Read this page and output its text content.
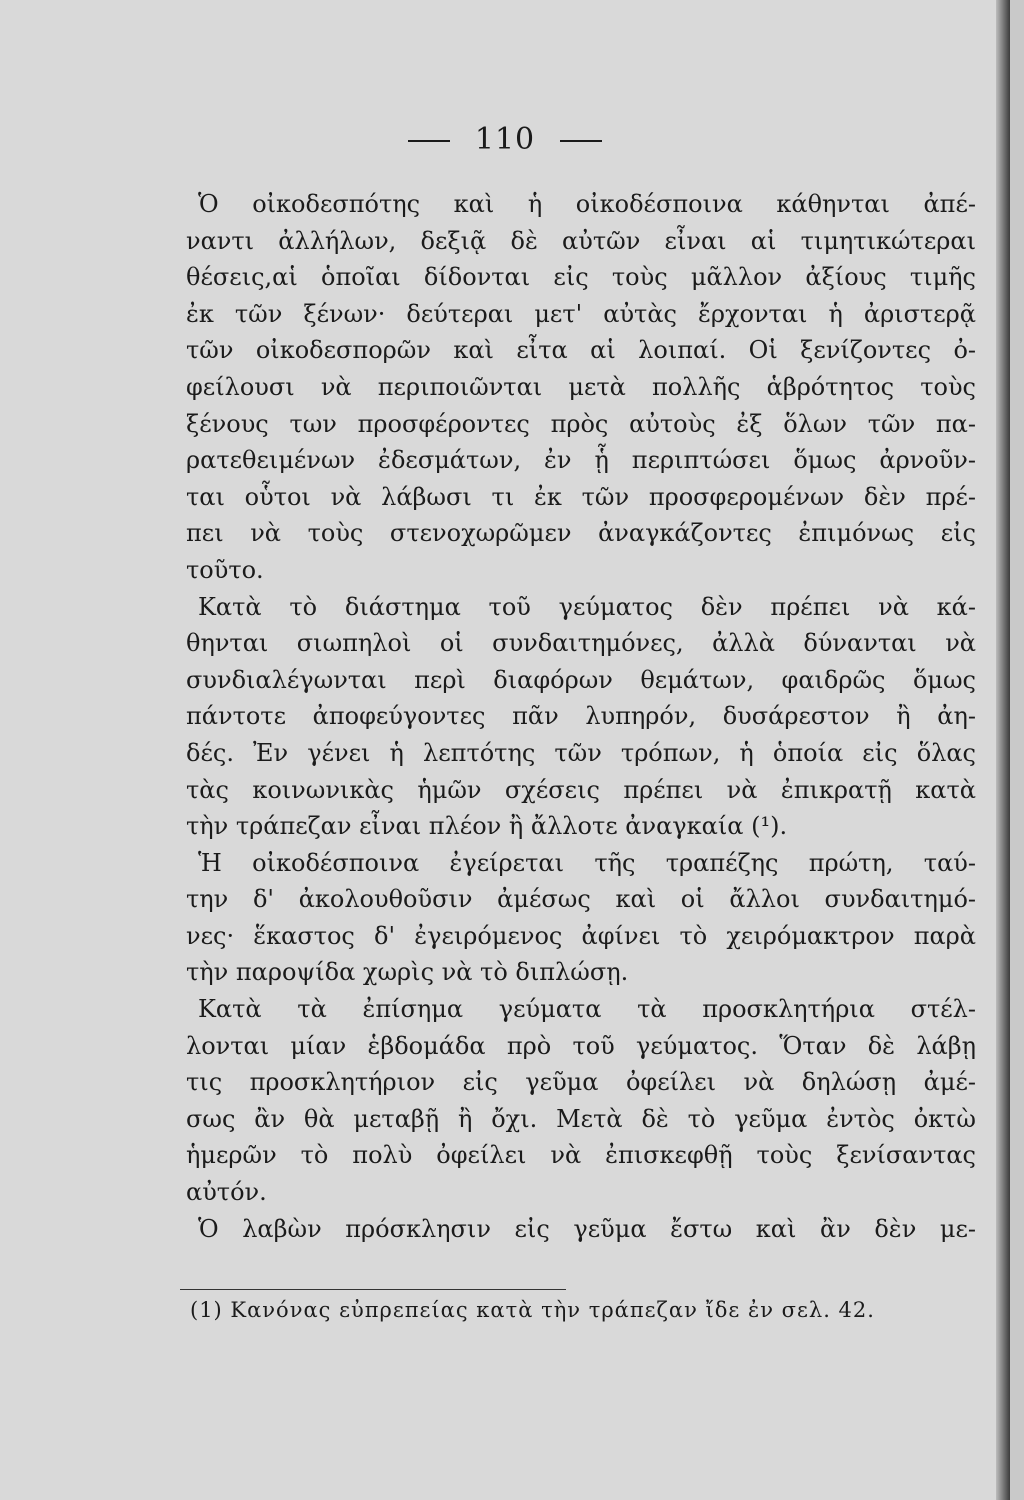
110
Ὁ οἰκοδεσπότης καὶ ἡ οἰκοδέσποινα κάθηνται ἀπέ-
ναντι ἀλλήλων, δεξιᾷ δὲ αὐτῶν εἶναι αἱ τιμητικώτεραι
θέσεις,αἱ ὁποῖαι δίδονται εἰς τοὺς μᾶλλον ἀξίους τιμῆς
ἐκ τῶν ξένων· δεύτεραι μετ' αὐτὰς ἔρχονται ἡ ἀριστερᾷ
τῶν οἰκοδεσπορῶν καὶ εἶτα αἱ λοιπαί. Οἱ ξενίζοντες ὀ-
φείλουσι νὰ περιποιῶνται μετὰ πολλῆς ἁβρότητος τοὺς
ξένους των προσφέροντες πρὸς αὐτοὺς ἐξ ὅλων τῶν πα-
ρατεθειμένων ἐδεσμάτων, ἐν ᾗ περιπτώσει ὅμως ἀρνοῦν-
ται οὗτοι νὰ λάβωσι τι ἐκ τῶν προσφερομένων δὲν πρέ-
πει νὰ τοὺς στενοχωρῶμεν ἀναγκάζοντες ἐπιμόνως εἰς
τοῦτο.
Κατὰ τὸ διάστημα τοῦ γεύματος δὲν πρέπει νὰ κά-
θηνται σιωπηλοὶ οἱ συνδαιτημόνες, ἀλλὰ δύνανται νὰ
συνδιαλέγωνται περὶ διαφόρων θεμάτων, φαιδρῶς ὅμως
πάντοτε ἀποφεύγοντες πᾶν λυπηρόν, δυσάρεστον ἢ ἀη-
δές. Ἐν γένει ἡ λεπτότης τῶν τρόπων, ἡ ὁποία εἰς ὅλας
τὰς κοινωνικὰς ἡμῶν σχέσεις πρέπει νὰ ἐπικρατῇ κατὰ
τὴν τράπεζαν εἶναι πλέον ἢ ἄλλοτε ἀναγκαία (¹).
Ἡ οἰκοδέσποινα ἐγείρεται τῆς τραπέζης πρώτη, ταύ-
την δ' ἀκολουθοῦσιν ἀμέσως καὶ οἱ ἄλλοι συνδαιτημό-
νες· ἕκαστος δ' ἐγειρόμενος ἀφίνει τὸ χειρόμακτρον παρὰ
τὴν παροψίδα χωρὶς νὰ τὸ διπλώσῃ.
Κατὰ τὰ ἐπίσημα γεύματα τὰ προσκλητήρια στέλ-
λονται μίαν ἑβδομάδα πρὸ τοῦ γεύματος. Ὅταν δὲ λάβῃ
τις προσκλητήριον εἰς γεῦμα ὀφείλει νὰ δηλώσῃ ἀμέ-
σως ἂν θὰ μεταβῇ ἢ ὄχι. Μετὰ δὲ τὸ γεῦμα ἐντὸς ὀκτὼ
ἡμερῶν τὸ πολὺ ὀφείλει νὰ ἐπισκεφθῇ τοὺς ξενίσαντας
αὐτόν.
Ὁ λαβὼν πρόσκλησιν εἰς γεῦμα ἔστω καὶ ἂν δὲν με-
(1) Κανόνας εὐπρεπείας κατὰ τὴν τράπεζαν ἴδε ἐν σελ. 42.
